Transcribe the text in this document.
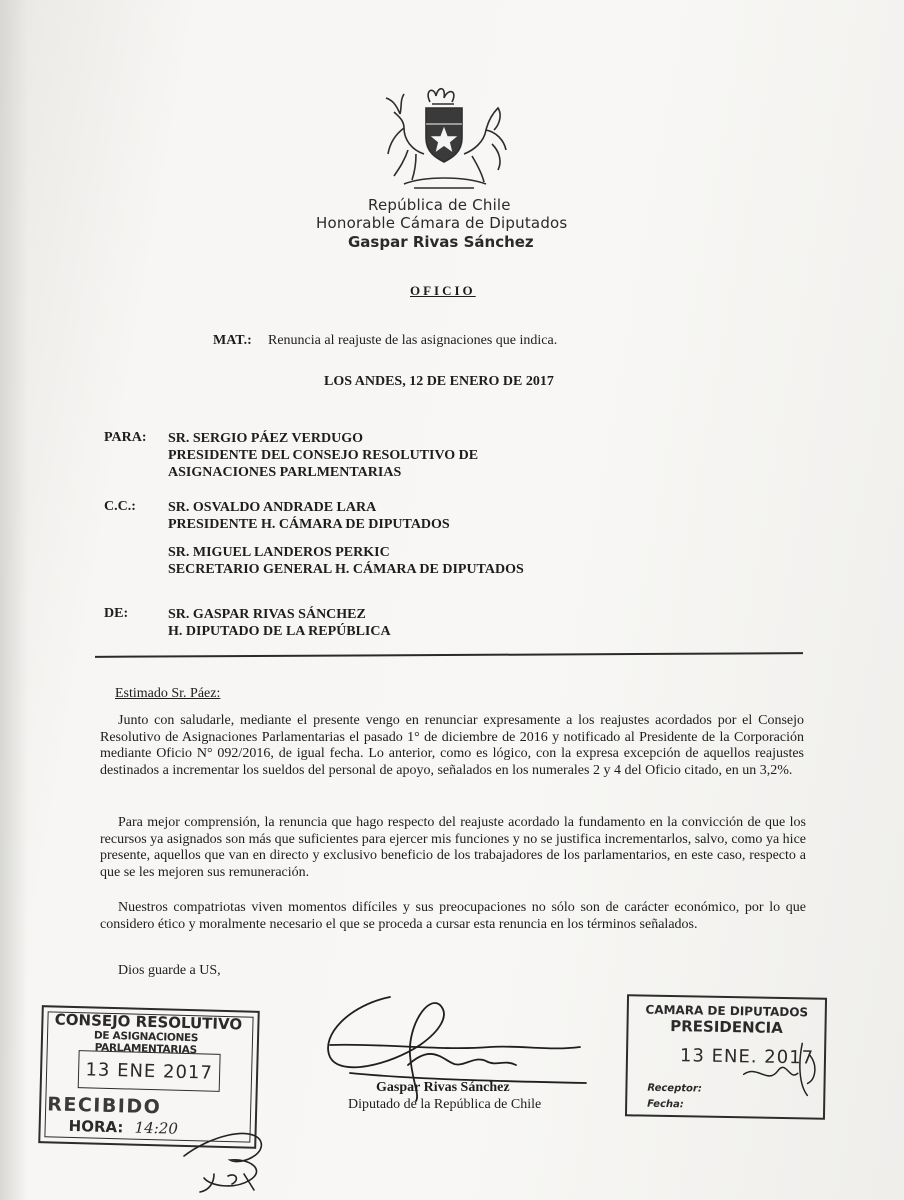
República de Chile
Honorable Cámara de Diputados
Gaspar Rivas Sánchez
OFICIO
MAT.: Renuncia al reajuste de las asignaciones que indica.
LOS ANDES, 12 DE ENERO DE 2017
PARA: SR. SERGIO PÁEZ VERDUGO
PRESIDENTE DEL CONSEJO RESOLUTIVO DE
ASIGNACIONES PARLMENTARIAS
C.C.: SR. OSVALDO ANDRADE LARA
PRESIDENTE H. CÁMARA DE DIPUTADOS
SR. MIGUEL LANDEROS PERKIC
SECRETARIO GENERAL H. CÁMARA DE DIPUTADOS
DE:	SR. GASPAR RIVAS SÁNCHEZ
H. DIPUTADO DE LA REPÚBLICA
Estimado Sr. Páez:

Junto con saludarle, mediante el presente vengo en renunciar expresamente a los reajustes acordados por el Consejo Resolutivo de Asignaciones Parlamentarias el pasado 1° de diciembre de 2016 y notificado al Presidente de la Corporación mediante Oficio N° 092/2016, de igual fecha. Lo anterior, como es lógico, con la expresa excepción de aquellos reajustes destinados a incrementar los sueldos del personal de apoyo, señalados en los numerales 2 y 4 del Oficio citado, en un 3,2%.

Para mejor comprensión, la renuncia que hago respecto del reajuste acordado la fundamento en la convicción de que los recursos ya asignados son más que suficientes para ejercer mis funciones y no se justifica incrementarlos, salvo, como ya hice presente, aquellos que van en directo y exclusivo beneficio de los trabajadores de los parlamentarios, en este caso, respecto a que se les mejoren sus remuneración.

Nuestros compatriotas viven momentos difíciles y sus preocupaciones no sólo son de carácter económico, por lo que considero ético y moralmente necesario el que se proceda a cursar esta renuncia en los términos señalados.

Dios guarde a US,
Gaspar Rivas Sánchez
Diputado de la República de Chile
CONSEJO RESOLUTIVO
DE ASIGNACIONES PARLAMENTARIAS
13 ENE 2017
RECIBIDO
HORA: 14:20
CAMARA DE DIPUTADOS
PRESIDENCIA
13 ENE. 2017
Receptor:
Fecha:
